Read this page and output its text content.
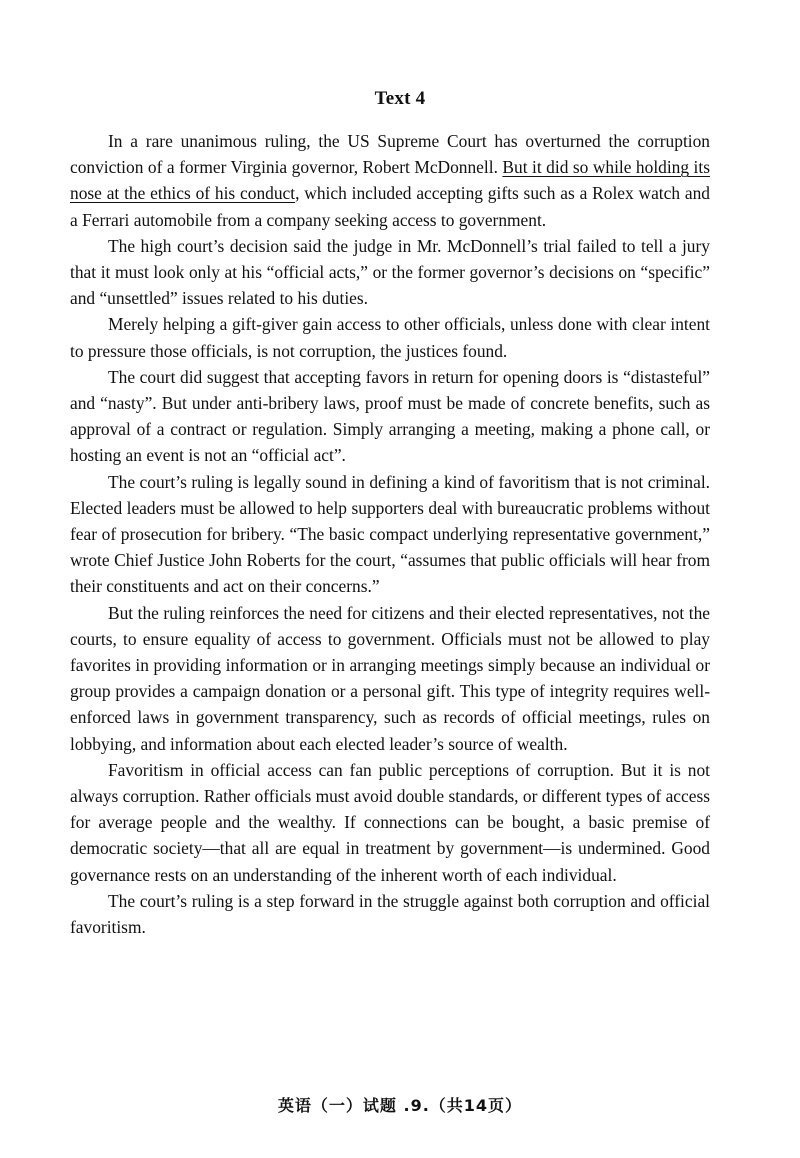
Text 4

In a rare unanimous ruling, the US Supreme Court has overturned the corruption conviction of a former Virginia governor, Robert McDonnell. But it did so while holding its nose at the ethics of his conduct, which included accepting gifts such as a Rolex watch and a Ferrari automobile from a company seeking access to government.

The high court’s decision said the judge in Mr. McDonnell’s trial failed to tell a jury that it must look only at his “official acts,” or the former governor’s decisions on “specific” and “unsettled” issues related to his duties.

Merely helping a gift-giver gain access to other officials, unless done with clear intent to pressure those officials, is not corruption, the justices found.

The court did suggest that accepting favors in return for opening doors is “distasteful” and “nasty”. But under anti-bribery laws, proof must be made of concrete benefits, such as approval of a contract or regulation. Simply arranging a meeting, making a phone call, or hosting an event is not an “official act”.

The court’s ruling is legally sound in defining a kind of favoritism that is not criminal. Elected leaders must be allowed to help supporters deal with bureaucratic problems without fear of prosecution for bribery. “The basic compact underlying representative government,” wrote Chief Justice John Roberts for the court, “assumes that public officials will hear from their constituents and act on their concerns.”

But the ruling reinforces the need for citizens and their elected representatives, not the courts, to ensure equality of access to government. Officials must not be allowed to play favorites in providing information or in arranging meetings simply because an individual or group provides a campaign donation or a personal gift. This type of integrity requires well-enforced laws in government transparency, such as records of official meetings, rules on lobbying, and information about each elected leader’s source of wealth.

Favoritism in official access can fan public perceptions of corruption. But it is not always corruption. Rather officials must avoid double standards, or different types of access for average people and the wealthy. If connections can be bought, a basic premise of democratic society—that all are equal in treatment by government—is undermined. Good governance rests on an understanding of the inherent worth of each individual.

The court’s ruling is a step forward in the struggle against both corruption and official favoritism.

英语（一）试题 .9.（共14页）
